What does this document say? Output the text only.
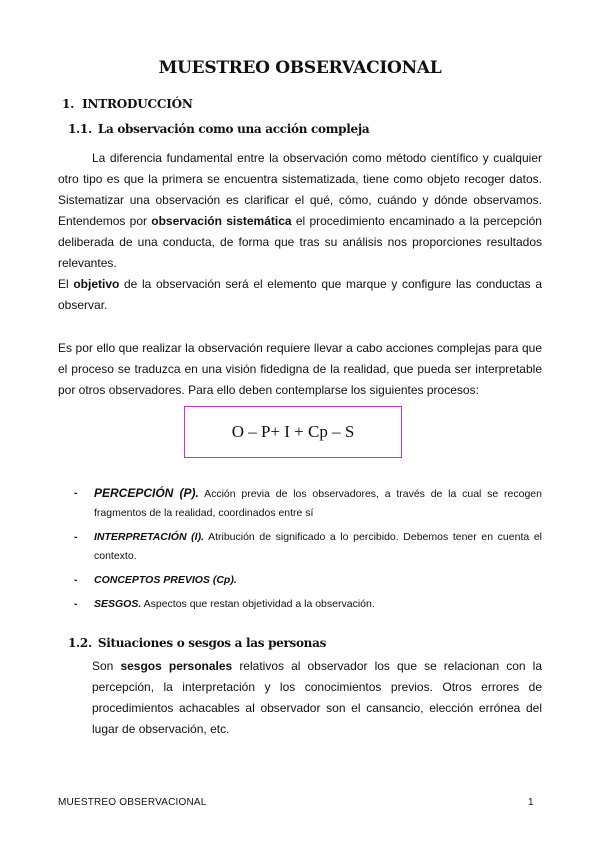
MUESTREO OBSERVACIONAL
1. INTRODUCCIÓN
1.1. La observación como una acción compleja
La diferencia fundamental entre la observación como método científico y cualquier otro tipo es que la primera se encuentra sistematizada, tiene como objeto recoger datos. Sistematizar una observación es clarificar el qué, cómo, cuándo y dónde observamos. Entendemos por observación sistemática el procedimiento encaminado a la percepción deliberada de una conducta, de forma que tras su análisis nos proporciones resultados relevantes.
El objetivo de la observación será el elemento que marque y configure las conductas a observar.
Es por ello que realizar la observación requiere llevar a cabo acciones complejas para que el proceso se traduzca en una visión fidedigna de la realidad, que pueda ser interpretable por otros observadores. Para ello deben contemplarse los siguientes procesos:
O – P+ I + Cp – S
- PERCEPCIÓN (P). Acción previa de los observadores, a través de la cual se recogen fragmentos de la realidad, coordinados entre sí
- INTERPRETACIÓN (I). Atribución de significado a lo percibido. Debemos tener en cuenta el contexto.
- CONCEPTOS PREVIOS (Cp).
- SESGOS. Aspectos que restan objetividad a la observación.
1.2. Situaciones o sesgos a las personas
Son sesgos personales relativos al observador los que se relacionan con la percepción, la interpretación y los conocimientos previos. Otros errores de procedimientos achacables al observador son el cansancio, elección errónea del lugar de observación, etc.
MUESTREO OBSERVACIONAL	1
